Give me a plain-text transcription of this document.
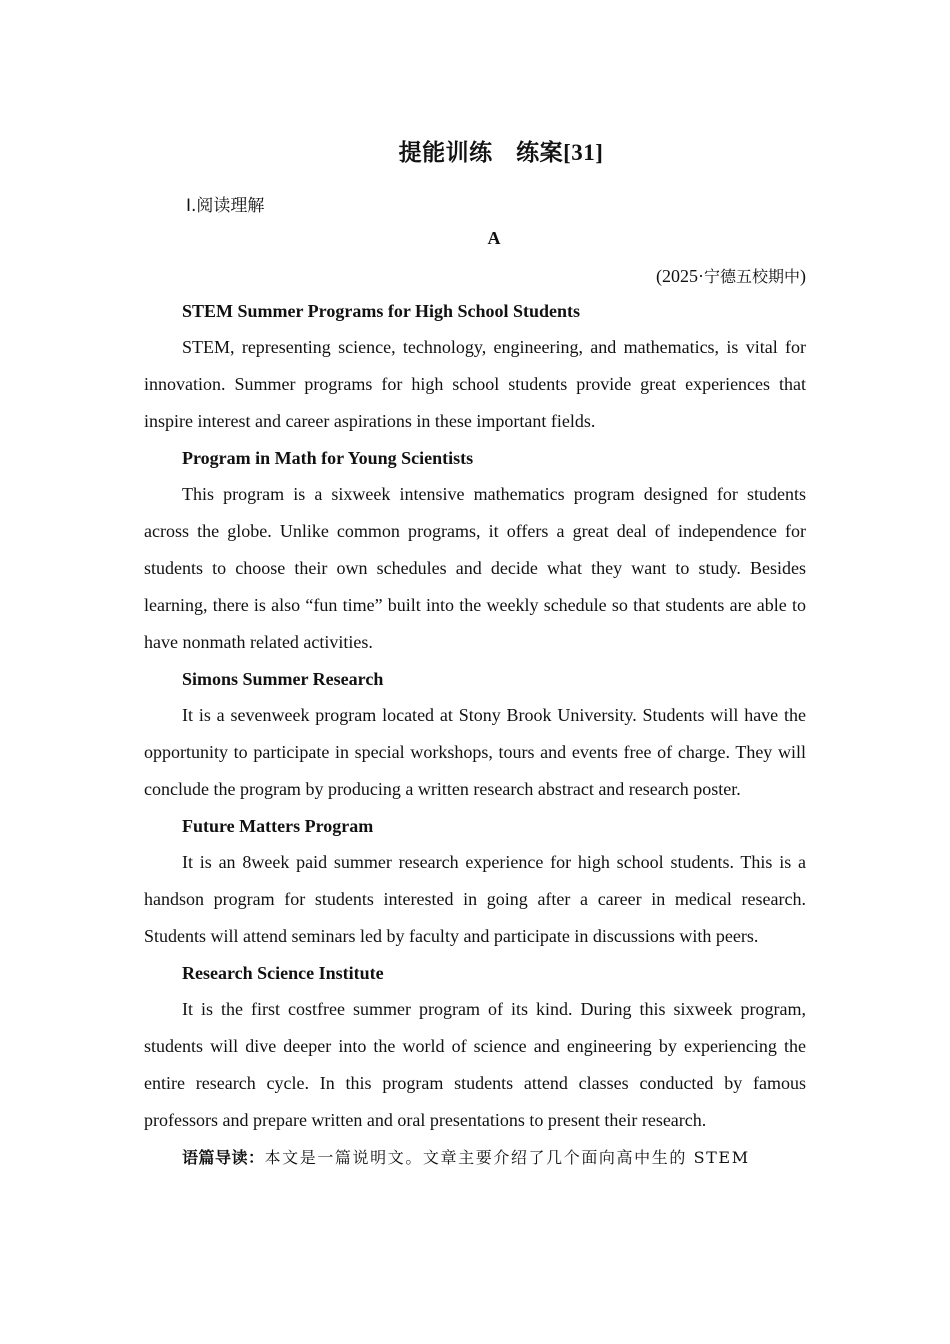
提能训练　练案[31]
Ⅰ.阅读理解
A
(2025·宁德五校期中)
STEM Summer Programs for High School Students

STEM, representing science, technology, engineering, and mathematics, is vital for innovation. Summer programs for high school students provide great experiences that inspire interest and career aspirations in these important fields.

Program in Math for Young Scientists

This program is a sixweek intensive mathematics program designed for students across the globe. Unlike common programs, it offers a great deal of independence for students to choose their own schedules and decide what they want to study. Besides learning, there is also “fun time” built into the weekly schedule so that students are able to have nonmath related activities.

Simons Summer Research

It is a sevenweek program located at Stony Brook University. Students will have the opportunity to participate in special workshops, tours and events free of charge. They will conclude the program by producing a written research abstract and research poster.

Future Matters Program

It is an 8week paid summer research experience for high school students. This is a handson program for students interested in going after a career in medical research. Students will attend seminars led by faculty and participate in discussions with peers.

Research Science Institute

It is the first costfree summer program of its kind. During this sixweek program, students will dive deeper into the world of science and engineering by experiencing the entire research cycle. In this program students attend classes conducted by famous professors and prepare written and oral presentations to present their research.

语篇导读：本文是一篇说明文。文章主要介绍了几个面向高中生的 STEM
